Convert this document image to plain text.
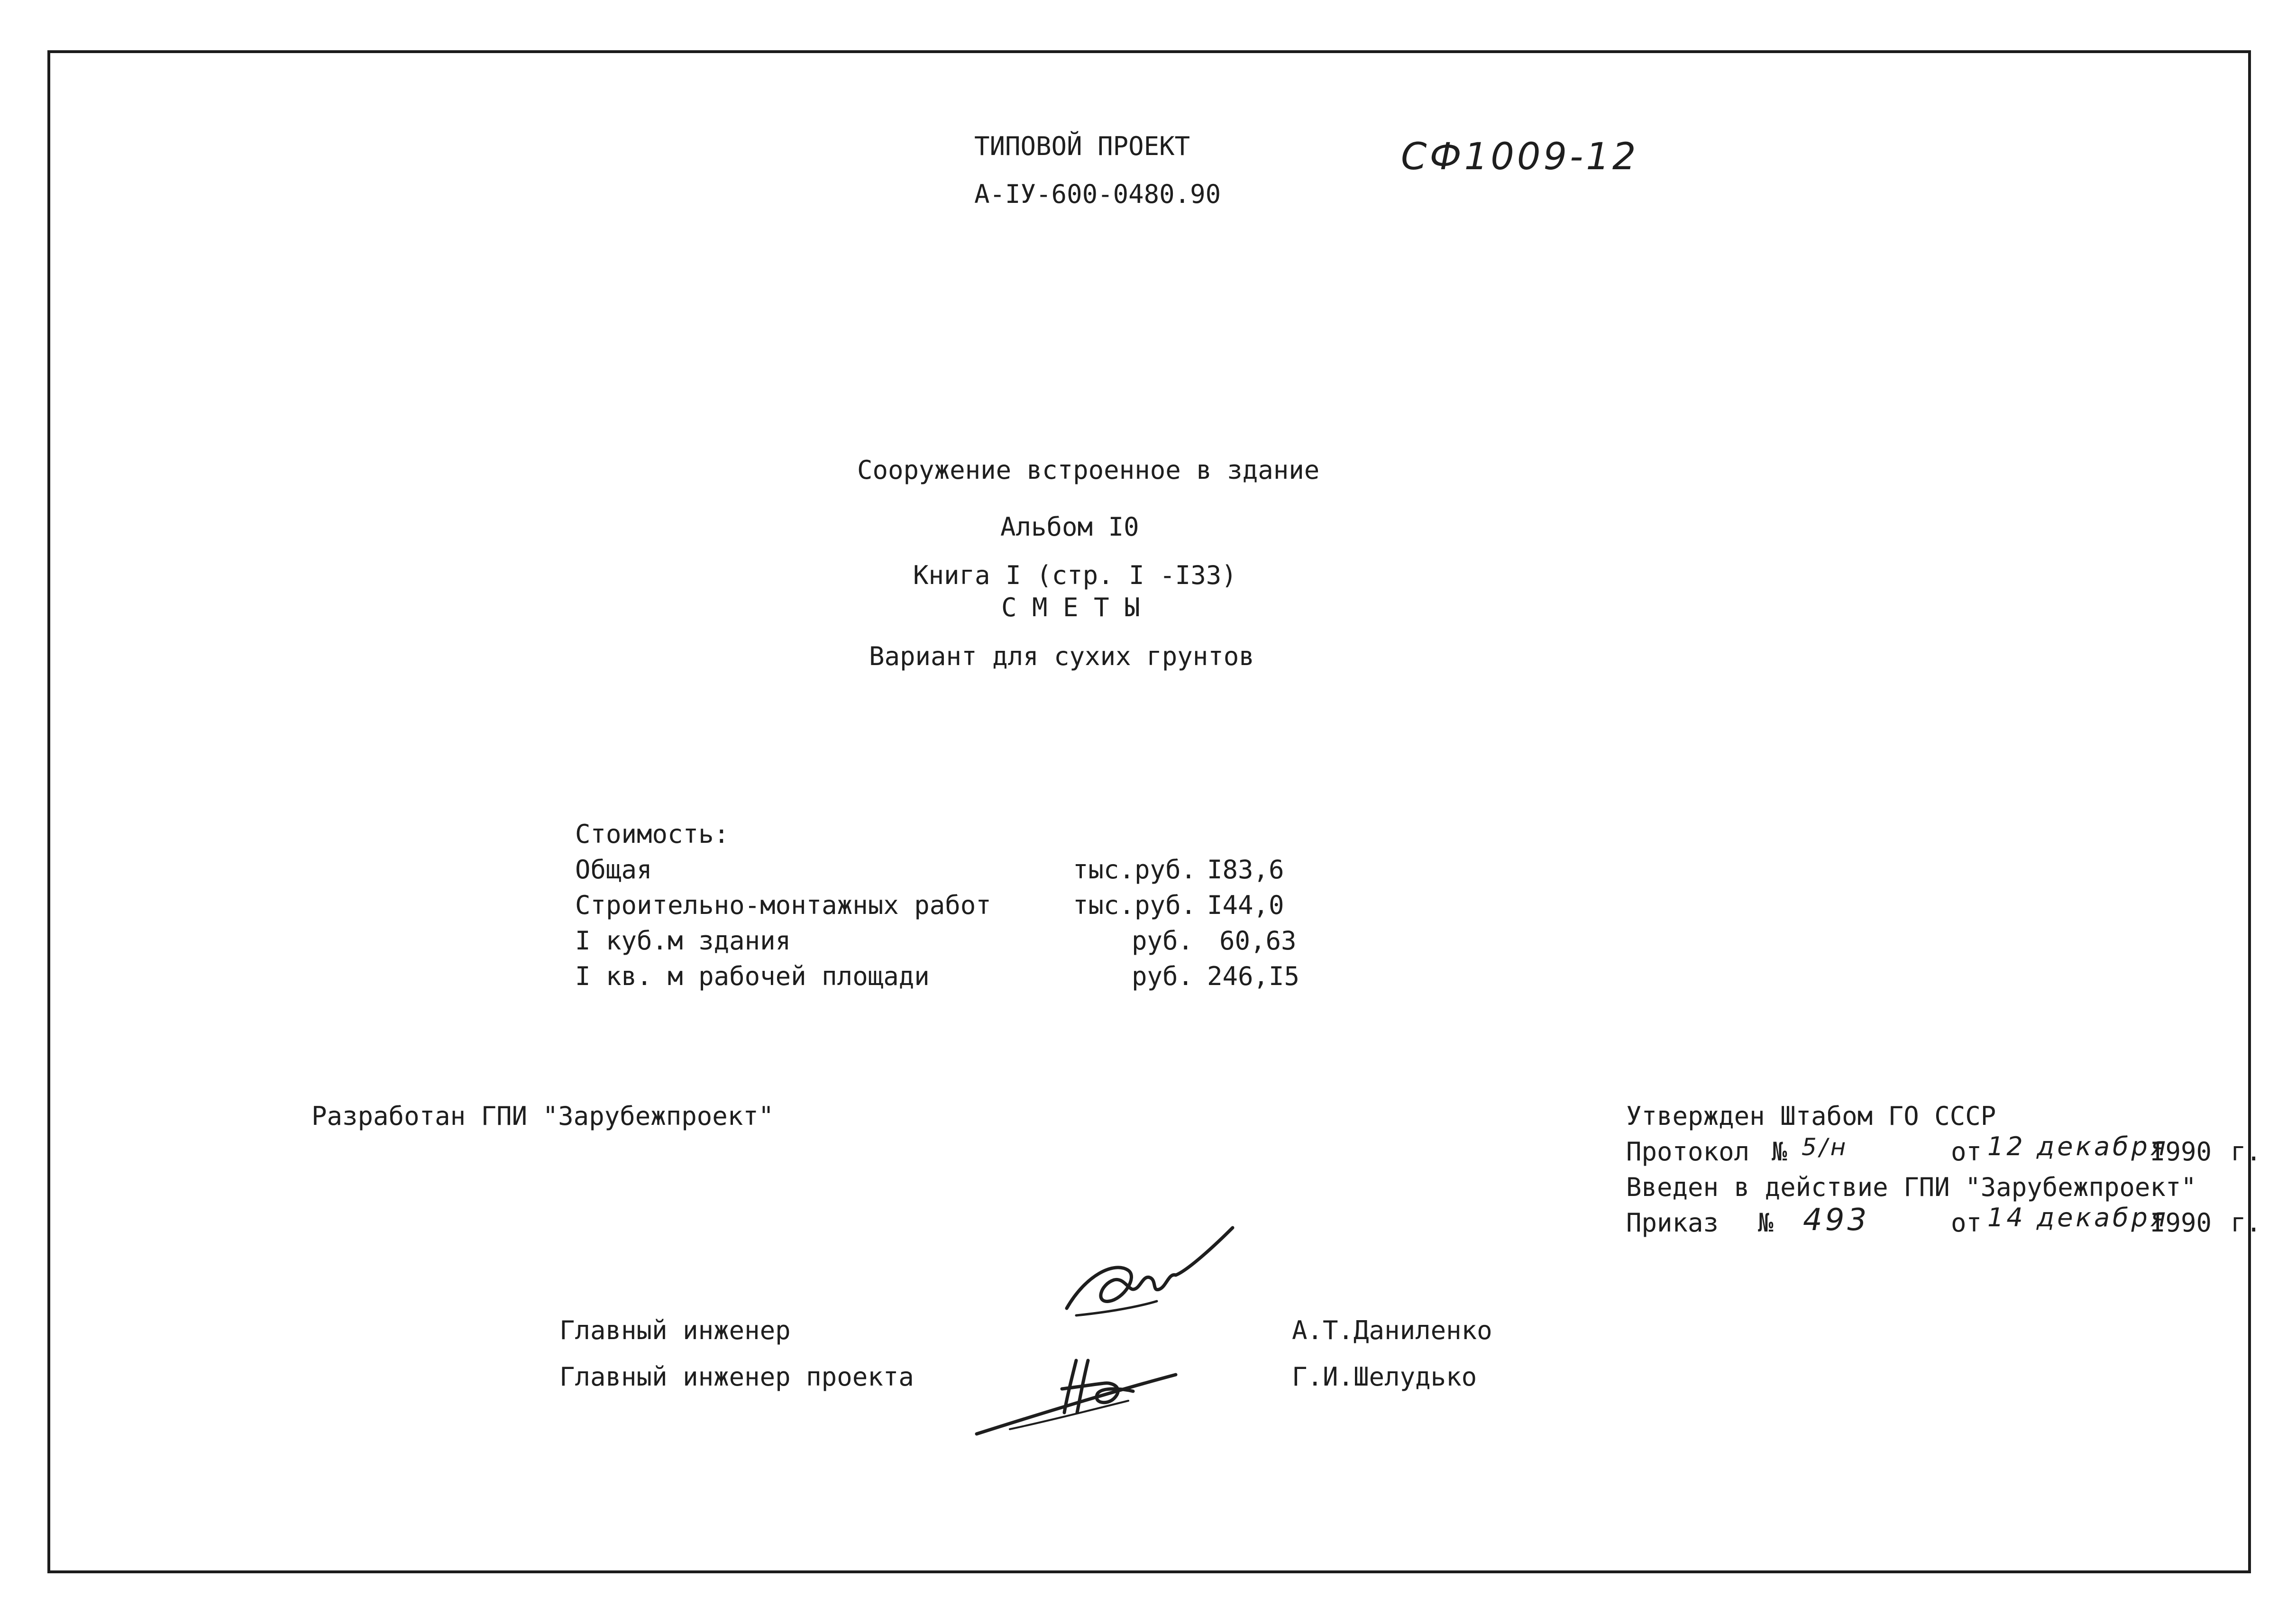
ТИПОВОЙ ПРОЕКТ
А-IУ-600-0480.90
СФ1009-12
Сооружение встроенное в здание
Альбом I0
Книга I (стр. I -I33)
С М Е Т Ы
Вариант для сухих грунтов
Стоимость:
Общая	тыс.руб. I83,6
Строительно-монтажных работ	тыс.руб. I44,0
I куб.м здания	руб. 60,63
I кв. м рабочей площади	руб. 246,I5
Разработан ГПИ "Зарубежпроект"	Утвержден Штабом ГО СССР
Протокол № 5/н	от 12 декабря
I990 г.
Введен в действие ГПИ "Зарубежпроект"
Приказ № 493	от 14 декабря
I990 г.
Главный инженер	А.Т.Даниленко
Главный инженер проекта	Г.И.Шелудько
